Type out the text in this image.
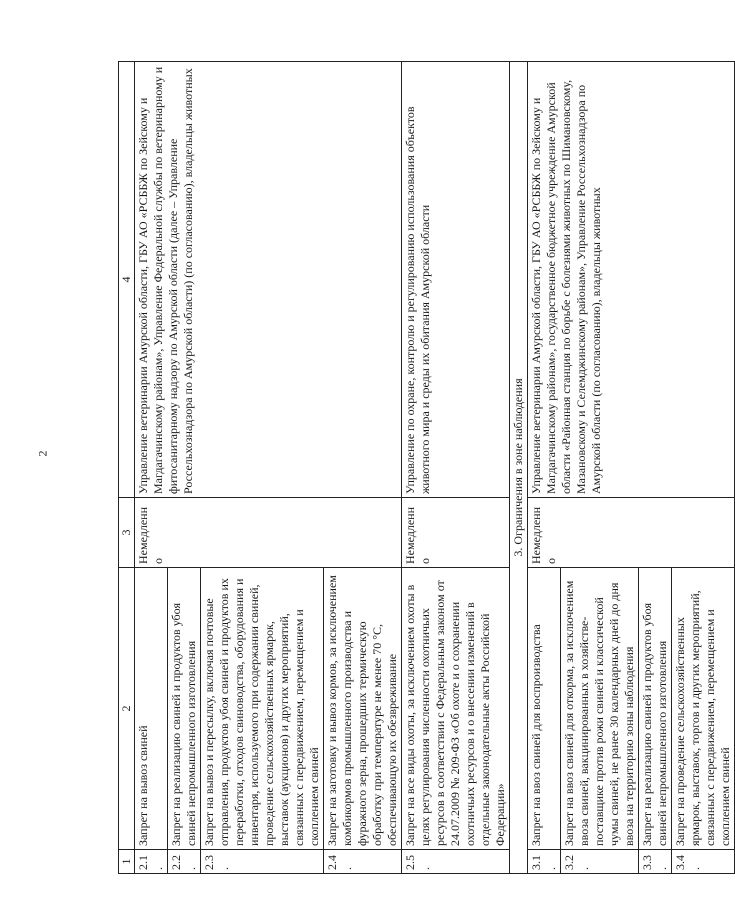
2
1	2	3	4
2.1.	Запрет на вывоз свиней	Немедленно	Управление ветеринарии Амурской области, ГБУ АО «РСББЖ по Зейскому и Магдагачинскому районам», Управление Федеральной службы по ветеринарному и фитосанитарному надзору по Амурской области (далее – Управление Россельхознадзора по Амурской области) (по согласованию), владельцы животных
2.2.	Запрет на реализацию свиней и продуктов убоя свиней непромышленного изготовления		
2.3.	Запрет на вывоз и пересылку, включая почтовые отправления, продуктов убоя свиней и продуктов их переработки, отходов свиноводства, оборудования и инвентаря, используемого при содержании свиней, проведение сельскохозяйственных ярмарок, выставок (аукционов) и других мероприятий, связанных с передвижением, перемещением и скоплением свиней		
2.4.	Запрет на заготовку и вывоз кормов, за исключением комбикормов промышленного производства и фуражного зерна, прошедших термическую обработку при температуре не менее 70 °С, обеспечивающую их обезвреживание		
2.5.	Запрет на все виды охоты, за исключением охоты в целях регулирования численности охотничьих ресурсов в соответствии с Федеральным законом от 24.07.2009 № 209-ФЗ «Об охоте и о сохранении охотничьих ресурсов и о внесении изменений в отдельные законодательные акты Российской Федерации»	Немедленно	Управление по охране, контролю и регулированию использования объектов животного мира и среды их обитания Амурской области
3. Ограничения в зоне наблюдения			
3.1.	Запрет на ввоз свиней для воспроизводства	Немедленно	Управление ветеринарии Амурской области, ГБУ АО «РСББЖ по Зейскому и Магдагачинскому районам», государственное бюджетное учреждение Амурской области «Районная станция по борьбе с болезнями животных по Шимановскому, Мазановскому и Селемджинскому районам», Управление Россельхознадзора по Амурской области (по согласованию), владельцы животных
3.2.	Запрет на ввоз свиней для откорма, за исключением ввоза свиней, вакцинированных в хозяйстве-поставщике против рожи свиней и классической чумы свиней, не ранее 30 календарных дней до дня ввоза на территорию зоны наблюдения		
3.3.	Запрет на реализацию свиней и продуктов убоя свиней непромышленного изготовления		
3.4.	Запрет на проведение сельскохозяйственных ярмарок, выставок, торгов и других мероприятий, связанных с передвижением, перемещением и скоплением свиней		
